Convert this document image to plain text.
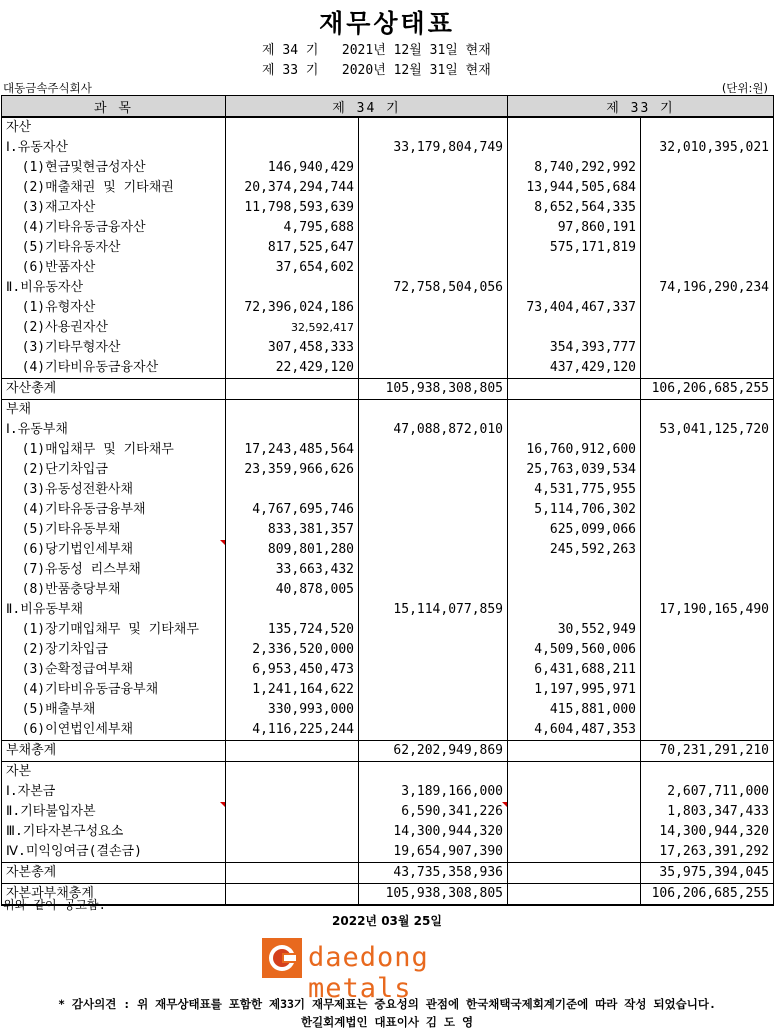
재무상태표
제 34 기   2021년 12월 31일 현재
제 33 기   2020년 12월 31일 현재
대동금속주식회사	(단위:원)
과 목	제 34 기		제 33 기	
자산				
Ⅰ.유동자산		33,179,804,749		32,010,395,021
(1)현금및현금성자산	146,940,429		8,740,292,992	
(2)매출채권 및 기타채권	20,374,294,744		13,944,505,684	
(3)재고자산	11,798,593,639		8,652,564,335	
(4)기타유동금융자산	4,795,688		97,860,191	
(5)기타유동자산	817,525,647		575,171,819	
(6)반품자산	37,654,602			
Ⅱ.비유동자산		72,758,504,056		74,196,290,234
(1)유형자산	72,396,024,186		73,404,467,337	
(2)사용권자산	32,592,417			
(3)기타무형자산	307,458,333		354,393,777	
(4)기타비유동금융자산	22,429,120		437,429,120	
자산총계		105,938,308,805		106,206,685,255
부채				
Ⅰ.유동부채		47,088,872,010		53,041,125,720
(1)매입채무 및 기타채무	17,243,485,564		16,760,912,600	
(2)단기차입금	23,359,966,626		25,763,039,534	
(3)유동성전환사채			4,531,775,955	
(4)기타유동금융부채	4,767,695,746		5,114,706,302	
(5)기타유동부채	833,381,357		625,099,066	
(6)당기법인세부채	809,801,280		245,592,263	
(7)유동성 리스부채	33,663,432			
(8)반품충당부채	40,878,005			
Ⅱ.비유동부채		15,114,077,859		17,190,165,490
(1)장기매입채무 및 기타채무	135,724,520		30,552,949	
(2)장기차입금	2,336,520,000		4,509,560,006	
(3)순확정급여부채	6,953,450,473		6,431,688,211	
(4)기타비유동금융부채	1,241,164,622		1,197,995,971	
(5)배출부채	330,993,000		415,881,000	
(6)이연법인세부채	4,116,225,244		4,604,487,353	
부채총계		62,202,949,869		70,231,291,210
자본				
Ⅰ.자본금		3,189,166,000		2,607,711,000
Ⅱ.기타불입자본		6,590,341,226		1,803,347,433
Ⅲ.기타자본구성요소		14,300,944,320		14,300,944,320
Ⅳ.미익잉여금(결손금)		19,654,907,390		17,263,391,292
자본총계		43,735,358,936		35,975,394,045
자본과부채총계		105,938,308,805		106,206,685,255
위와 같이 공고함.
2022년 03월 25일
daedong metals
* 감사의견 : 위 재무상태표를 포함한 제33기 재무제표는 중요성의 관점에 한국채택국제회계기준에 따라 작성 되었습니다.
한길회계법인 대표이사 김 도 영
